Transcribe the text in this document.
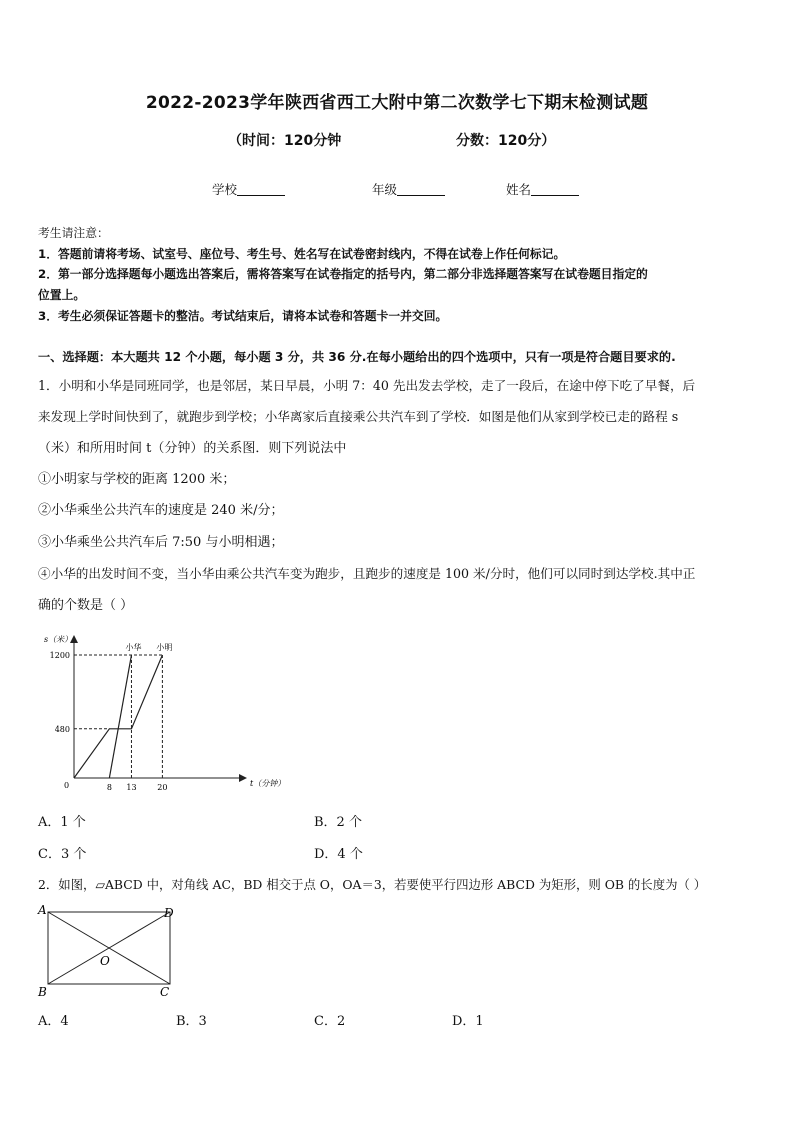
2022-2023学年陕西省西工大附中第二次数学七下期末检测试题
（时间：120分钟	分数：120分）
学校	年级	姓名
考生请注意：
1．答题前请将考场、试室号、座位号、考生号、姓名写在试卷密封线内，不得在试卷上作任何标记。
2．第一部分选择题每小题选出答案后，需将答案写在试卷指定的括号内，第二部分非选择题答案写在试卷题目指定的
位置上。
3．考生必须保证答题卡的整洁。考试结束后，请将本试卷和答题卡一并交回。
一、选择题：本大题共 12 个小题，每小题 3 分，共 36 分.在每小题给出的四个选项中，只有一项是符合题目要求的.
1．小明和小华是同班同学，也是邻居，某日早晨，小明 7：40 先出发去学校，走了一段后，在途中停下吃了早餐，后
来发现上学时间快到了，就跑步到学校；小华离家后直接乘公共汽车到了学校．如图是他们从家到学校已走的路程 s
（米）和所用时间 t（分钟）的关系图．则下列说法中
①小明家与学校的距离 1200 米；
②小华乘坐公共汽车的速度是 240 米/分；
③小华乘坐公共汽车后 7:50 与小明相遇；
④小华的出发时间不变，当小华由乘公共汽车变为跑步，且跑步的速度是 100 米/分时，他们可以同时到达学校.其中正
确的个数是（ ）
s（米）
t（分钟）
0
480
1200
8 13	20
小明
小华
A．1 个	B．2 个
C．3 个	D．4 个
2．如图，▱ABCD 中，对角线 AC，BD 相交于点 O，OA＝3，若要使平行四边形 ABCD 为矩形，则 OB 的长度为（ ）
A	D
B	C
O
A．4	B．3	C．2	D．1
